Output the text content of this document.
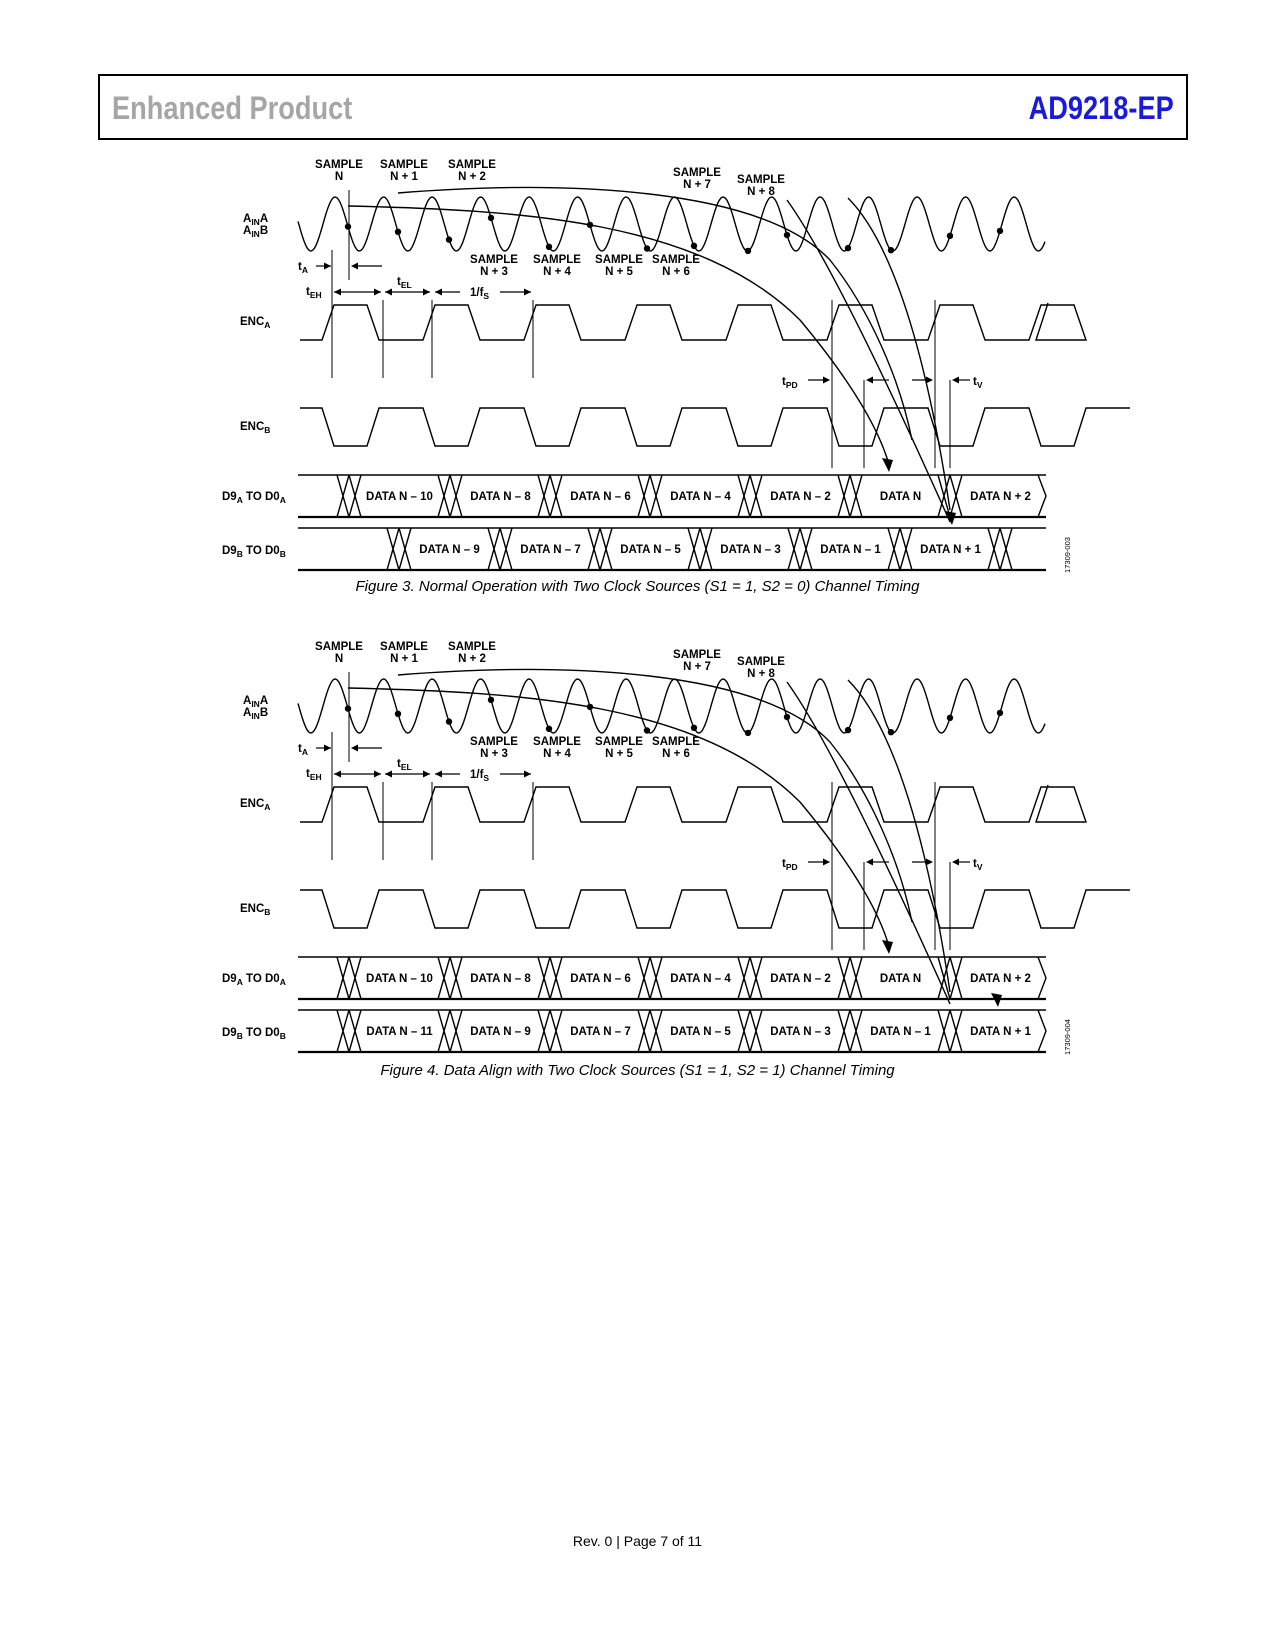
Enhanced Product	AD9218-EP
SAMPLE
N
SAMPLE
N + 1
SAMPLE
N + 2
SAMPLE
N + 3
SAMPLE
N + 4
SAMPLE
N + 5
SAMPLE
N + 6
SAMPLE
N + 7 SAMPLE
N + 8
$A_{IN}A$
$A_{IN}B$
$ENC_A$
$ENC_B$
$t_A$
$t_{EH}$
$t_{EL}$
$1/f_S$
$t_{PD}$	$t_V$
DATA N – 10	DATA N – 8	DATA N – 6	DATA N – 4	DATA N – 2	DATA N	DATA N + 2
$D9_A$ TO $D0_A$
DATA N – 9	DATA N – 7	DATA N – 5	DATA N – 3	DATA N – 1	DATA N + 1
$D9_B$ TO $D0_B$	17309-003
Figure 3. Normal Operation with Two Clock Sources (S1 = 1, S2 = 0) Channel Timing
SAMPLE
N
SAMPLE
N + 1
SAMPLE
N + 2
SAMPLE
N + 3
SAMPLE
N + 4
SAMPLE
N + 5
SAMPLE
N + 6
SAMPLE
N + 7 SAMPLE
N + 8
$A_{IN}A$
$A_{IN}B$
$ENC_A$
$ENC_B$
$t_A$
$t_{EH}$
$t_{EL}$
$1/f_S$
$t_{PD}$	$t_V$
DATA N – 10	DATA N – 8	DATA N – 6	DATA N – 4	DATA N – 2	DATA N	DATA N + 2
$D9_A$ TO $D0_A$
DATA N – 11	DATA N – 9	DATA N – 7	DATA N – 5	DATA N – 3	DATA N – 1	DATA N + 1
$D9_B$ TO $D0_B$	17309-004
Figure 4. Data Align with Two Clock Sources (S1 = 1, S2 = 1) Channel Timing
Rev. 0 | Page 7 of 11
